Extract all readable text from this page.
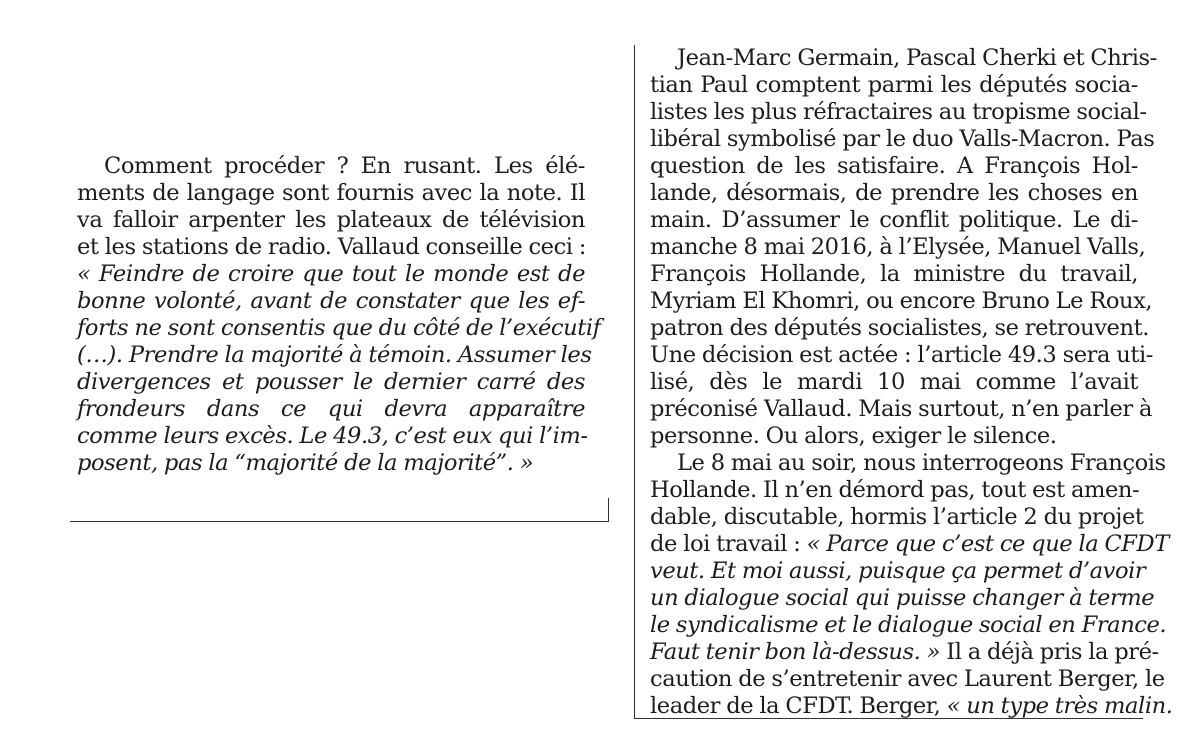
Comment procéder ? En rusant. Les élé-
ments de langage sont fournis avec la note. Il
va falloir arpenter les plateaux de télévision
et les stations de radio. Vallaud conseille ceci :
« Feindre de croire que tout le monde est de
bonne volonté, avant de constater que les ef-
forts ne sont consentis que du côté de l’exécutif
(…). Prendre la majorité à témoin. Assumer les
divergences et pousser le dernier carré des
frondeurs dans ce qui devra apparaître
comme leurs excès. Le 49.3, c’est eux qui l’im-
posent, pas la “majorité de la majorité”. »
Jean-Marc Germain, Pascal Cherki et Chris-
tian Paul comptent parmi les députés socia-
listes les plus réfractaires au tropisme social-
libéral symbolisé par le duo Valls-Macron. Pas
question de les satisfaire. A François Hol-
lande, désormais, de prendre les choses en
main. D’assumer le conflit politique. Le di-
manche 8 mai 2016, à l’Elysée, Manuel Valls,
François Hollande, la ministre du travail,
Myriam El Khomri, ou encore Bruno Le Roux,
patron des députés socialistes, se retrouvent.
Une décision est actée : l’article 49.3 sera uti-
lisé, dès le mardi 10 mai comme l’avait
préconisé Vallaud. Mais surtout, n’en parler à
personne. Ou alors, exiger le silence.
Le 8 mai au soir, nous interrogeons François
Hollande. Il n’en démord pas, tout est amen-
dable, discutable, hormis l’article 2 du projet
de loi travail : « Parce que c’est ce que la CFDT
veut. Et moi aussi, puisque ça permet d’avoir
un dialogue social qui puisse changer à terme
le syndicalisme et le dialogue social en France.
Faut tenir bon là-dessus. » Il a déjà pris la pré-
caution de s’entretenir avec Laurent Berger, le
leader de la CFDT. Berger, « un type très malin.
